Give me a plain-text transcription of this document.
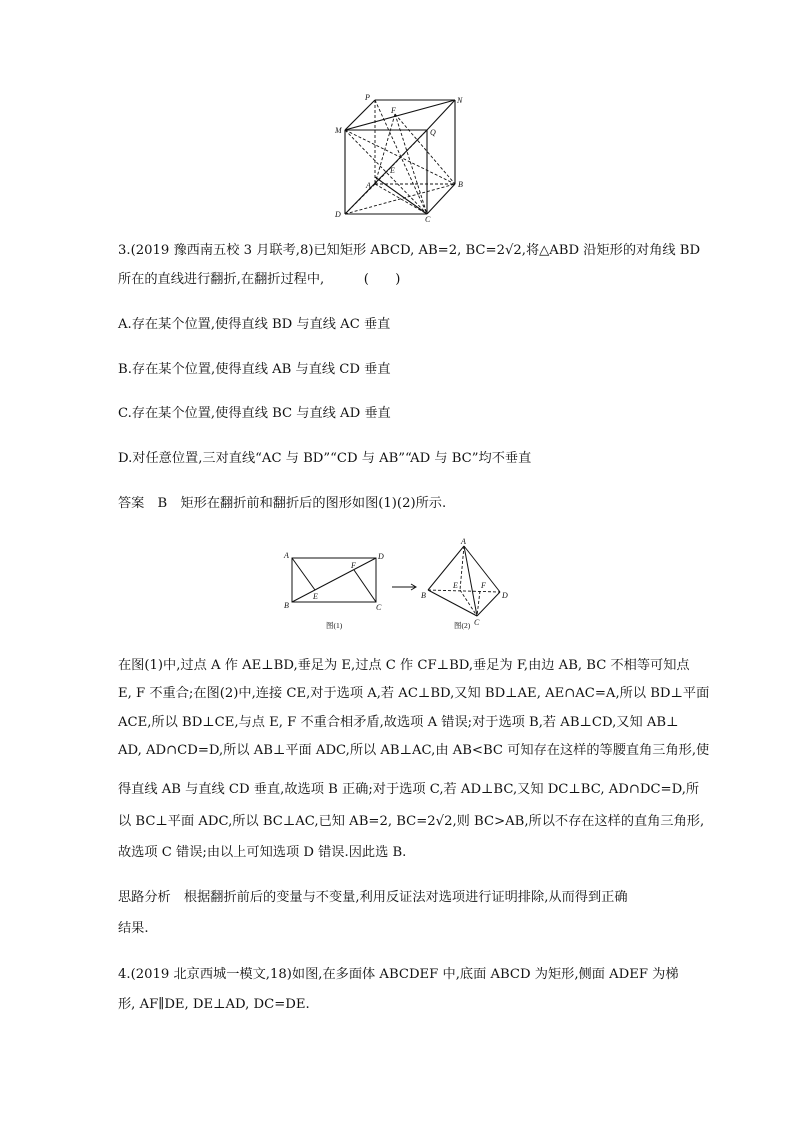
P	N
M
F
Q
E
A	B
D
C
3.(2019 豫西南五校 3 月联考,8)已知矩形 ABCD, AB=2, BC=2√2,将△ABD 沿矩形的对角线 BD
所在的直线进行翻折,在翻折过程中,　　　(　　)
A.存在某个位置,使得直线 BD 与直线 AC 垂直
B.存在某个位置,使得直线 AB 与直线 CD 垂直
C.存在某个位置,使得直线 BC 与直线 AD 垂直
D.对任意位置,三对直线“AC 与 BD”“CD 与 AB”“AD 与 BC”均不垂直
答案　B　矩形在翻折前和翻折后的图形如图(1)(2)所示.
A	D
F
E
B	C
A
E	F
B	D
C
图(1)	图(2)
在图(1)中,过点 A 作 AE⊥BD,垂足为 E,过点 C 作 CF⊥BD,垂足为 F,由边 AB, BC 不相等可知点
E, F 不重合;在图(2)中,连接 CE,对于选项 A,若 AC⊥BD,又知 BD⊥AE, AE∩AC=A,所以 BD⊥平面
ACE,所以 BD⊥CE,与点 E, F 不重合相矛盾,故选项 A 错误;对于选项 B,若 AB⊥CD,又知 AB⊥
AD, AD∩CD=D,所以 AB⊥平面 ADC,所以 AB⊥AC,由 AB<BC 可知存在这样的等腰直角三角形,使
得直线 AB 与直线 CD 垂直,故选项 B 正确;对于选项 C,若 AD⊥BC,又知 DC⊥BC, AD∩DC=D,所
以 BC⊥平面 ADC,所以 BC⊥AC,已知 AB=2, BC=2√2,则 BC>AB,所以不存在这样的直角三角形,
故选项 C 错误;由以上可知选项 D 错误.因此选 B.
思路分析　根据翻折前后的变量与不变量,利用反证法对选项进行证明排除,从而得到正确
结果.
4.(2019 北京西城一模文,18)如图,在多面体 ABCDEF 中,底面 ABCD 为矩形,侧面 ADEF 为梯
形, AF∥DE, DE⊥AD, DC=DE.
